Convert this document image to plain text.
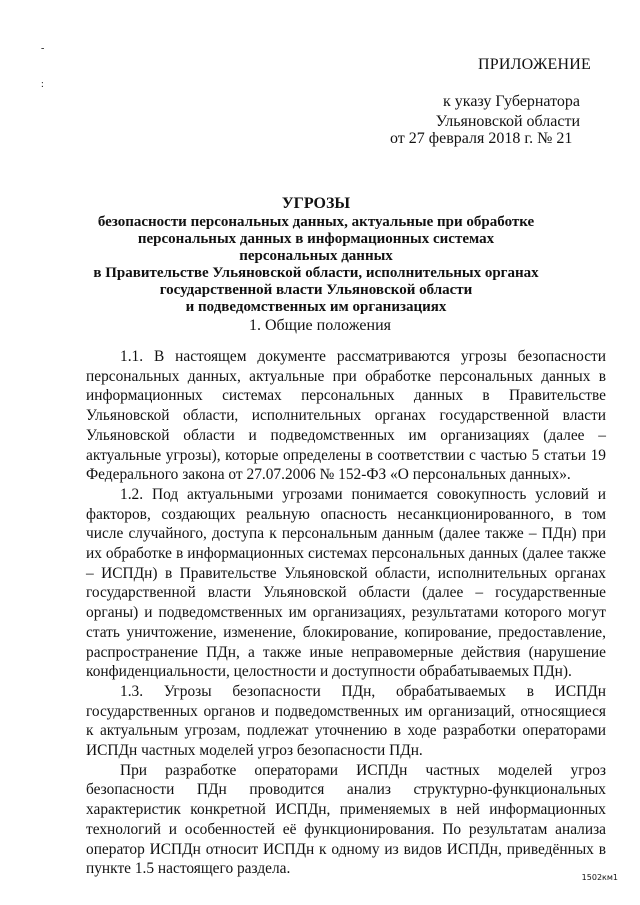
-
:
ПРИЛОЖЕНИЕ
к указу Губернатора
Ульяновской области
от 27 февраля 2018 г. № 21
УГРОЗЫ
безопасности персональных данных, актуальные при обработке
персональных данных в информационных системах персональных данных
в Правительстве Ульяновской области, исполнительных органах
государственной власти Ульяновской области
и подведомственных им организациях
1. Общие положения

1.1. В настоящем документе рассматриваются угрозы безопасности персональных данных, актуальные при обработке персональных данных в информационных системах персональных данных в Правительстве Ульяновской области, исполнительных органах государственной власти Ульяновской области и подведомственных им организациях (далее – актуальные угрозы), которые определены в соответствии с частью 5 статьи 19 Федерального закона от 27.07.2006 № 152-ФЗ «О персональных данных».

1.2. Под актуальными угрозами понимается совокупность условий и факторов, создающих реальную опасность несанкционированного, в том числе случайного, доступа к персональным данным (далее также – ПДн) при их обработке в информационных системах персональных данных (далее также – ИСПДн) в Правительстве Ульяновской области, исполнительных органах государственной власти Ульяновской области (далее – государственные органы) и подведомственных им организациях, результатами которого могут стать уничтожение, изменение, блокирование, копирование, предоставление, распространение ПДн, а также иные неправомерные действия (нарушение конфиденциальности, целостности и доступности обрабатываемых ПДн).

1.3. Угрозы безопасности ПДн, обрабатываемых в ИСПДн государственных органов и подведомственных им организаций, относящиеся к актуальным угрозам, подлежат уточнению в ходе разработки операторами ИСПДн частных моделей угроз безопасности ПДн.

При разработке операторами ИСПДн частных моделей угроз безопасности ПДн проводится анализ структурно-функциональных характеристик конкретной ИСПДн, применяемых в ней информационных технологий и особенностей её функционирования. По результатам анализа оператор ИСПДн относит ИСПДн к одному из видов ИСПДн, приведённых в пункте 1.5 настоящего раздела.

1502км1
